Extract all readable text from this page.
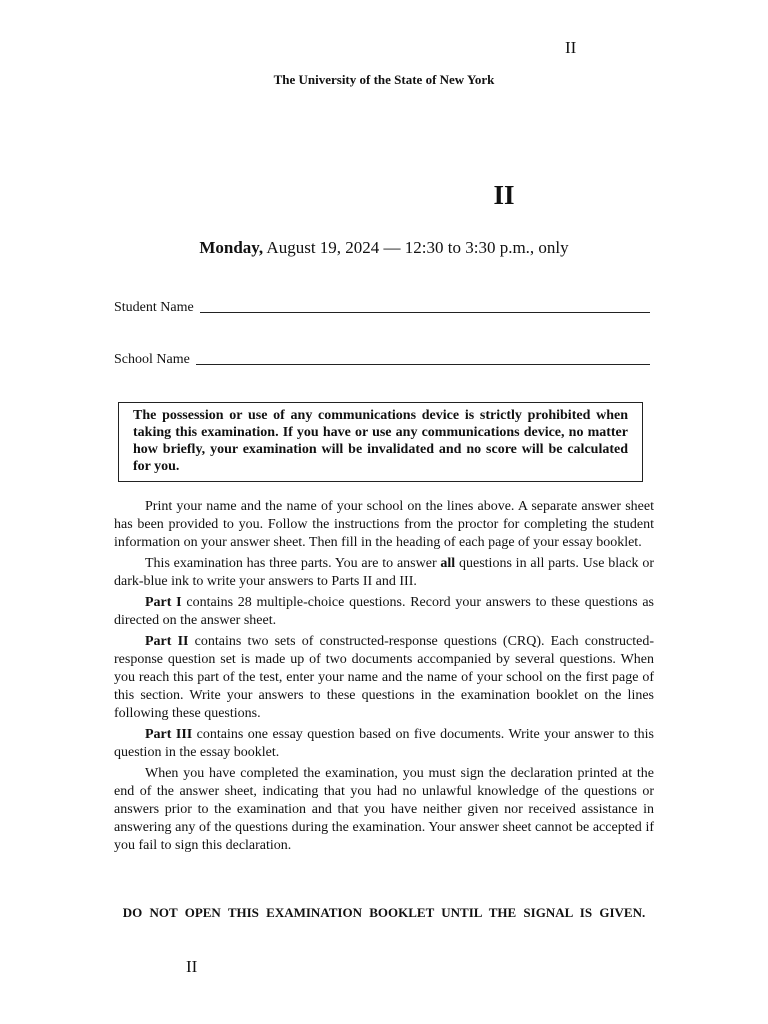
II
The University of the State of New York
II
Monday, August 19, 2024 — 12:30 to 3:30 p.m., only
Student Name
School Name
The possession or use of any communications device is strictly prohibited when taking this examination. If you have or use any communications device, no matter how briefly, your examination will be invalidated and no score will be calculated for you.

Print your name and the name of your school on the lines above. A separate answer sheet has been provided to you. Follow the instructions from the proctor for completing the student information on your answer sheet. Then fill in the heading of each page of your essay booklet.

This examination has three parts. You are to answer all questions in all parts. Use black or dark-blue ink to write your answers to Parts II and III.

Part I contains 28 multiple-choice questions. Record your answers to these questions as directed on the answer sheet.

Part II contains two sets of constructed-response questions (CRQ). Each constructed-response question set is made up of two documents accompanied by several questions. When you reach this part of the test, enter your name and the name of your school on the first page of this section. Write your answers to these questions in the examination booklet on the lines following these questions.

Part III contains one essay question based on five documents. Write your answer to this question in the essay booklet.

When you have completed the examination, you must sign the declaration printed at the end of the answer sheet, indicating that you had no unlawful knowledge of the questions or answers prior to the examination and that you have neither given nor received assistance in answering any of the questions during the examination. Your answer sheet cannot be accepted if you fail to sign this declaration.

DO NOT OPEN THIS EXAMINATION BOOKLET UNTIL THE SIGNAL IS GIVEN.
II
